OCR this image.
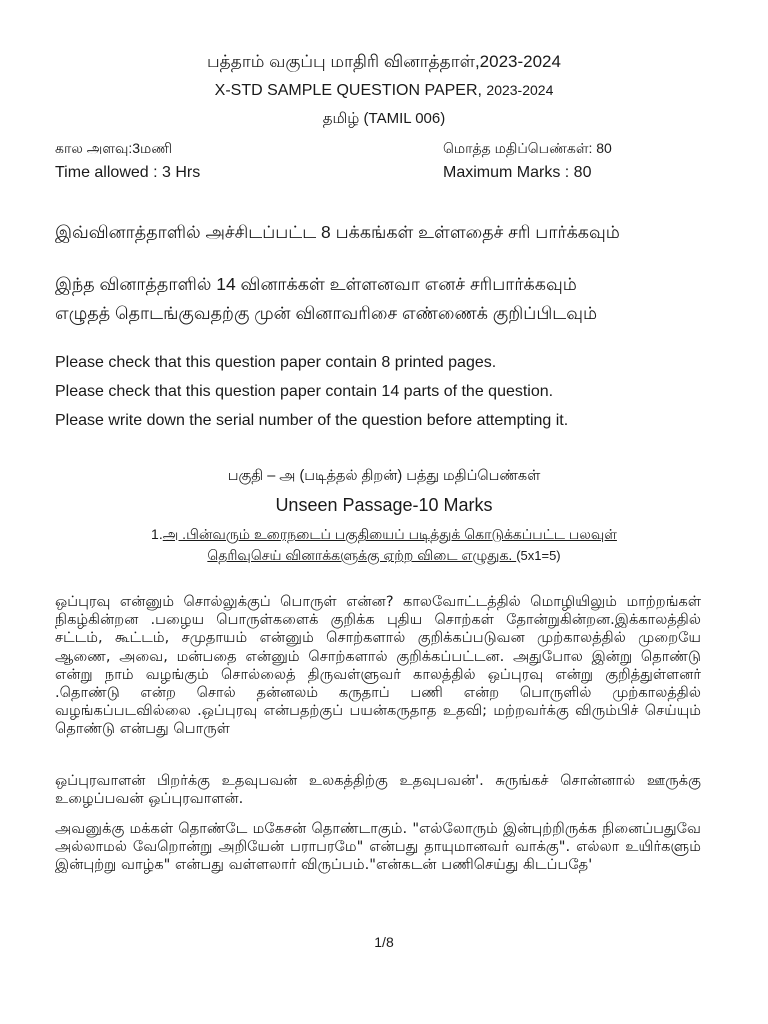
பத்தாம் வகுப்பு மாதிரி வினாத்தாள்,2023-2024
X-STD SAMPLE QUESTION PAPER, 2023-2024
தமிழ் (TAMIL 006)
கால அளவு:3மணி	மொத்த மதிப்பெண்கள்: 80
Time allowed : 3 Hrs	Maximum Marks : 80
இவ்வினாத்தாளில் அச்சிடப்பட்ட 8 பக்கங்கள் உள்ளதைச் சரி பார்க்கவும்
இந்த வினாத்தாளில் 14 வினாக்கள் உள்ளனவா எனச் சரிபார்க்கவும்
எழுதத் தொடங்குவதற்கு முன் வினாவரிசை எண்ணைக் குறிப்பிடவும்
Please check that this question paper contain 8 printed pages.
Please check that this question paper contain 14 parts of the question.
Please write down the serial number of the question before attempting it.
பகுதி – அ (படித்தல் திறன்) பத்து மதிப்பெண்கள்
Unseen Passage-10 Marks
1.அ .பின்வரும் உரைநடைப் பகுதியைப் படித்துக் கொடுக்கப்பட்ட பலவுள்
தெரிவுசெய் வினாக்களுக்கு ஏற்ற விடை எழுதுக. (5x1=5)
ஒப்புரவு என்னும் சொல்லுக்குப் பொருள் என்ன? காலவோட்டத்தில் மொழியிலும் மாற்றங்கள் நிகழ்கின்றன .பழைய பொருள்களைக் குறிக்க புதிய சொற்கள் தோன்றுகின்றன.இக்காலத்தில் சட்டம், கூட்டம், சமுதாயம் என்னும் சொற்களால் குறிக்கப்படுவன முற்காலத்தில் முறையே ஆணை, அவை, மன்பதை என்னும் சொற்களால் குறிக்கப்பட்டன. அதுபோல இன்று தொண்டு என்று நாம் வழங்கும் சொல்லைத் திருவள்ளுவர் காலத்தில் ஒப்புரவு என்று குறித்துள்ளனர் .தொண்டு என்ற சொல் தன்னலம் கருதாப் பணி என்ற பொருளில் முற்காலத்தில் வழங்கப்படவில்லை .ஒப்புரவு என்பதற்குப் பயன்கருதாத உதவி; மற்றவர்க்கு விரும்பிச் செய்யும் தொண்டு என்பது பொருள்
ஒப்புரவாளன் பிறர்க்கு உதவுபவன் உலகத்திற்கு உதவுபவன்'. சுருங்கச் சொன்னால் ஊருக்கு உழைப்பவன் ஒப்புரவாளன்.
அவனுக்கு மக்கள் தொண்டே மகேசன் தொண்டாகும். "எல்லோரும் இன்புற்றிருக்க நினைப்பதுவே அல்லாமல் வேறொன்று அறியேன் பராபரமே" என்பது தாயுமானவர் வாக்கு". எல்லா உயிர்களும் இன்புற்று வாழ்க" என்பது வள்ளலார் விருப்பம்."என்கடன் பணிசெய்து கிடப்பதே'
1/8
